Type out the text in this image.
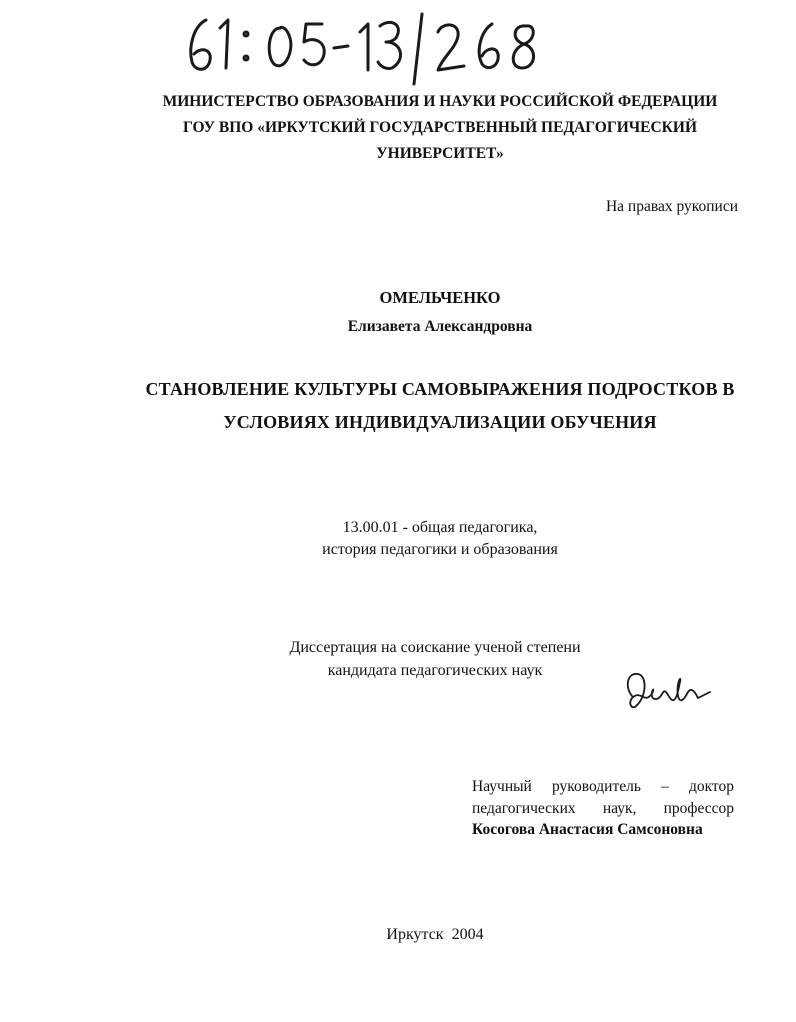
МИНИСТЕРСТВО ОБРАЗОВАНИЯ И НАУКИ РОССИЙСКОЙ ФЕДЕРАЦИИ
ГОУ ВПО «ИРКУТСКИЙ ГОСУДАРСТВЕННЫЙ ПЕДАГОГИЧЕСКИЙ
УНИВЕРСИТЕТ»
На правах рукописи
ОМЕЛЬЧЕНКО
Елизавета Александровна
СТАНОВЛЕНИЕ КУЛЬТУРЫ САМОВЫРАЖЕНИЯ ПОДРОСТКОВ В
УСЛОВИЯХ ИНДИВИДУАЛИЗАЦИИ ОБУЧЕНИЯ
13.00.01 - общая педагогика,
история педагогики и образования
Диссертация на соискание ученой степени
кандидата педагогических наук
Научный руководитель – доктор
педагогических наук, профессор
Косогова Анастасия Самсоновна
Иркутск  2004
